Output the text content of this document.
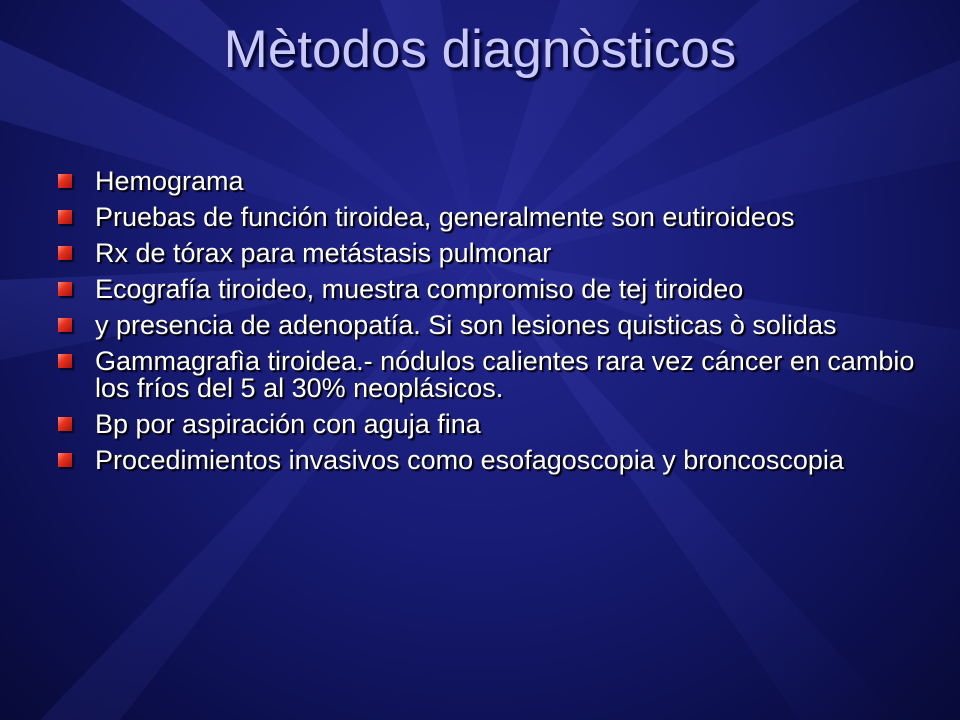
Mètodos diagnòsticos
Hemograma
Pruebas de función tiroidea, generalmente son eutiroideos
Rx de tórax para metástasis pulmonar
Ecografía tiroideo, muestra compromiso de tej tiroideo
y presencia de adenopatía. Si son lesiones quisticas ò solidas
Gammagrafìa tiroidea.- nódulos calientes rara vez cáncer en cambio los fríos del 5 al 30% neoplásicos.
Bp por aspiración con aguja fina
Procedimientos invasivos como esofagoscopia y broncoscopia
